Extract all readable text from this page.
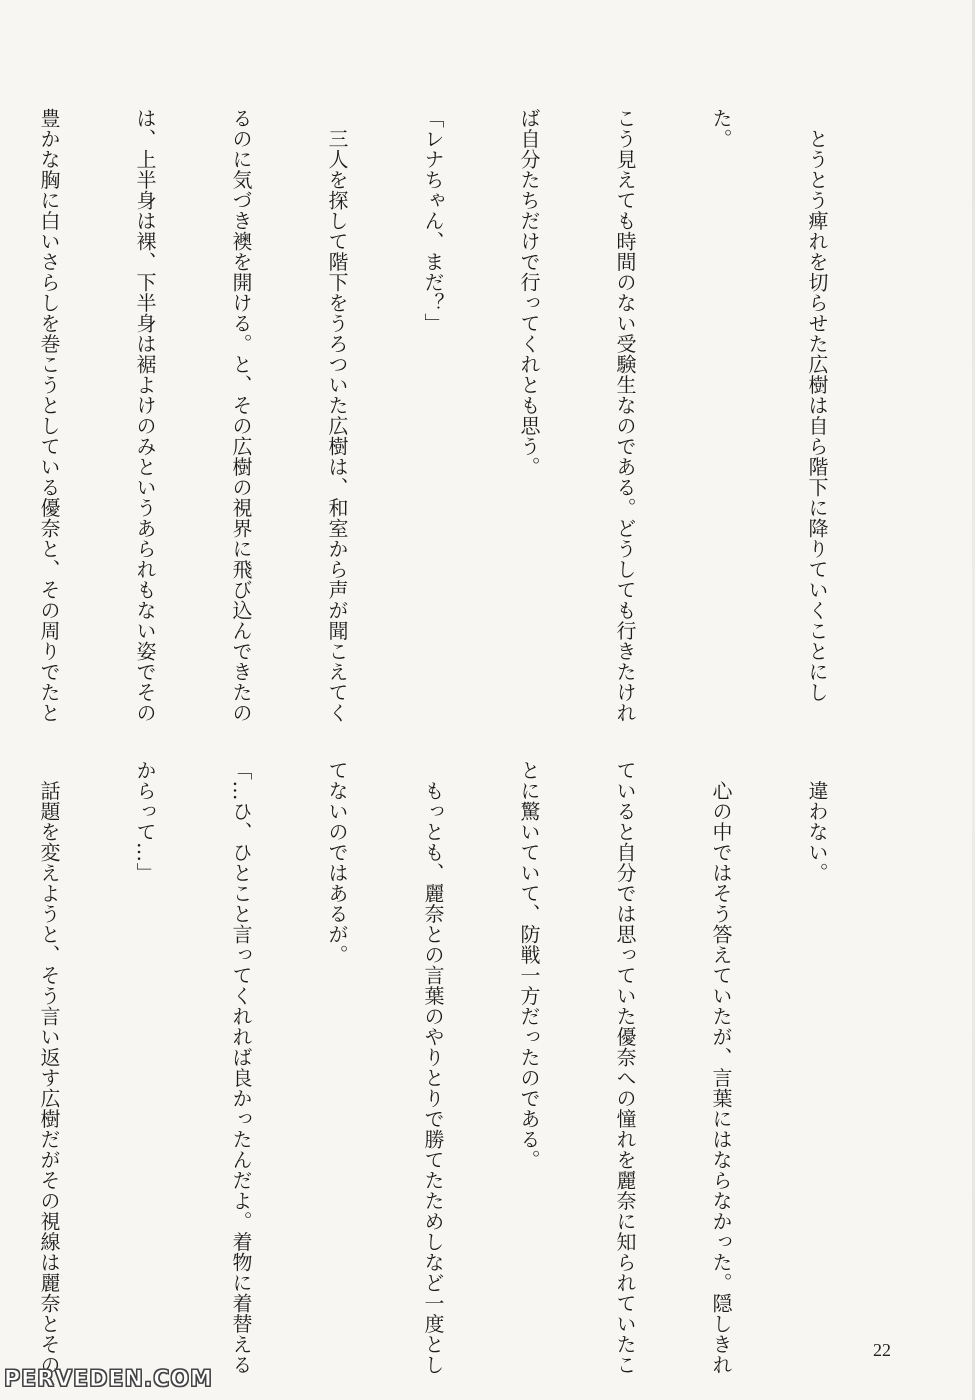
　とうとう痺れを切らせた広樹は自ら階下に降りていくことにし

た。

こう見えても時間のない受験生なのである。どうしても行きたけれ

ば自分たちだけで行ってくれとも思う。

「レナちゃん、まだ？」

　三人を探して階下をうろついた広樹は、和室から声が聞こえてく

るのに気づき襖を開ける。と、その広樹の視界に飛び込んできたの

は、上半身は裸、下半身は裾よけのみというあられもない姿でその

豊かな胸に白いさらしを巻こうとしている優奈と、その周りでたと

　違わない。

　心の中ではそう答えていたが、言葉にはならなかった。隠しきれ

ていると自分では思っていた優奈への憧れを麗奈に知られていたこ

とに驚いていて、防戦一方だったのである。

　もっとも、麗奈との言葉のやりとりで勝てたためしなど一度とし

てないのではあるが。

「…ひ、ひとこと言ってくれれば良かったんだよ。着物に着替える

からって…」

　話題を変えようと、そう言い返す広樹だがその視線は麗奈とその

	22
PERVEDEN.COM
